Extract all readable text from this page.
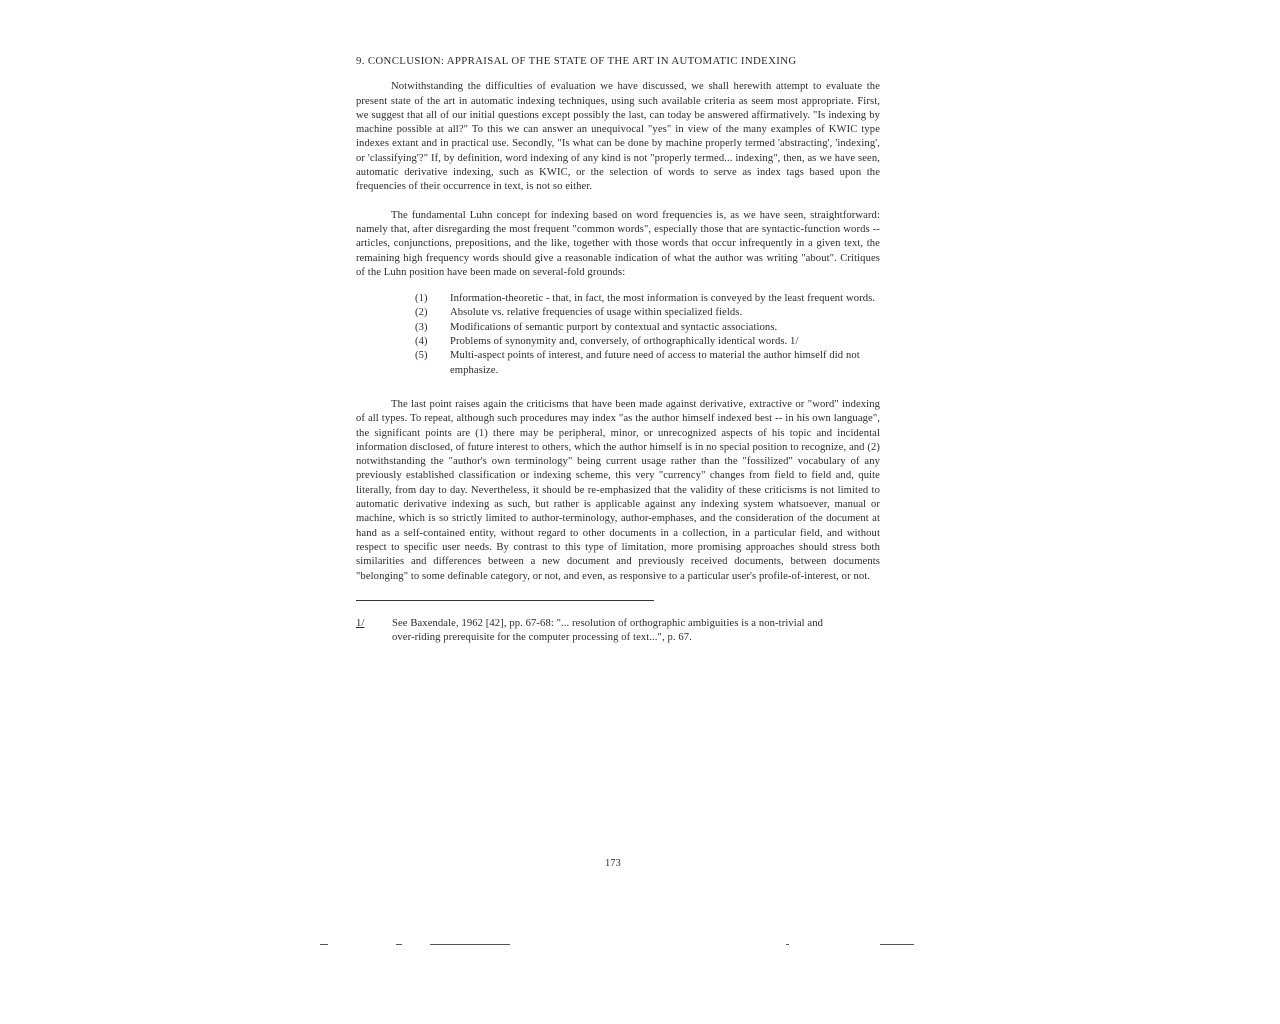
9. CONCLUSION: APPRAISAL OF THE STATE OF THE ART IN AUTOMATIC INDEXING

Notwithstanding the difficulties of evaluation we have discussed, we shall herewith attempt to evaluate the present state of the art in automatic indexing techniques, using such available criteria as seem most appropriate. First, we suggest that all of our initial questions except possibly the last, can today be answered affirmatively. "Is indexing by machine possible at all?" To this we can answer an unequivocal "yes" in view of the many examples of KWIC type indexes extant and in practical use. Secondly, "Is what can be done by machine properly termed 'abstracting', 'indexing', or 'classifying'?" If, by definition, word indexing of any kind is not "properly termed... indexing", then, as we have seen, automatic derivative indexing, such as KWIC, or the selection of words to serve as index tags based upon the frequencies of their occurrence in text, is not so either.

The fundamental Luhn concept for indexing based on word frequencies is, as we have seen, straightforward: namely that, after disregarding the most frequent "common words", especially those that are syntactic-function words -- articles, conjunctions, prepositions, and the like, together with those words that occur infrequently in a given text, the remaining high frequency words should give a reasonable indication of what the author was writing "about". Critiques of the Luhn position have been made on several-fold grounds:

(1)	Information-theoretic - that, in fact, the most information is conveyed by the least frequent words.
(2)	Absolute vs. relative frequencies of usage within specialized fields.
(3)	Modifications of semantic purport by contextual and syntactic associations.
(4)	Problems of synonymity and, conversely, of orthographically identical words. 1/
(5)	Multi-aspect points of interest, and future need of access to material the author himself did not emphasize.

The last point raises again the criticisms that have been made against derivative, extractive or "word" indexing of all types. To repeat, although such procedures may index "as the author himself indexed best -- in his own language", the significant points are (1) there may be peripheral, minor, or unrecognized aspects of his topic and incidental information disclosed, of future interest to others, which the author himself is in no special position to recognize, and (2) notwithstanding the "author's own terminology" being current usage rather than the "fossilized" vocabulary of any previously established classification or indexing scheme, this very "currency" changes from field to field and, quite literally, from day to day. Nevertheless, it should be re-emphasized that the validity of these criticisms is not limited to automatic derivative indexing as such, but rather is applicable against any indexing system whatsoever, manual or machine, which is so strictly limited to author-terminology, author-emphases, and the consideration of the document at hand as a self-contained entity, without regard to other documents in a collection, in a particular field, and without respect to specific user needs. By contrast to this type of limitation, more promising approaches should stress both similarities and differences between a new document and previously received documents, between documents "belonging" to some definable category, or not, and even, as responsive to a particular user's profile-of-interest, or not.

1/	See Baxendale, 1962 [42], pp. 67-68: "... resolution of orthographic ambiguities is a non-trivial and over-riding prerequisite for the computer processing of text...", p. 67.
173
